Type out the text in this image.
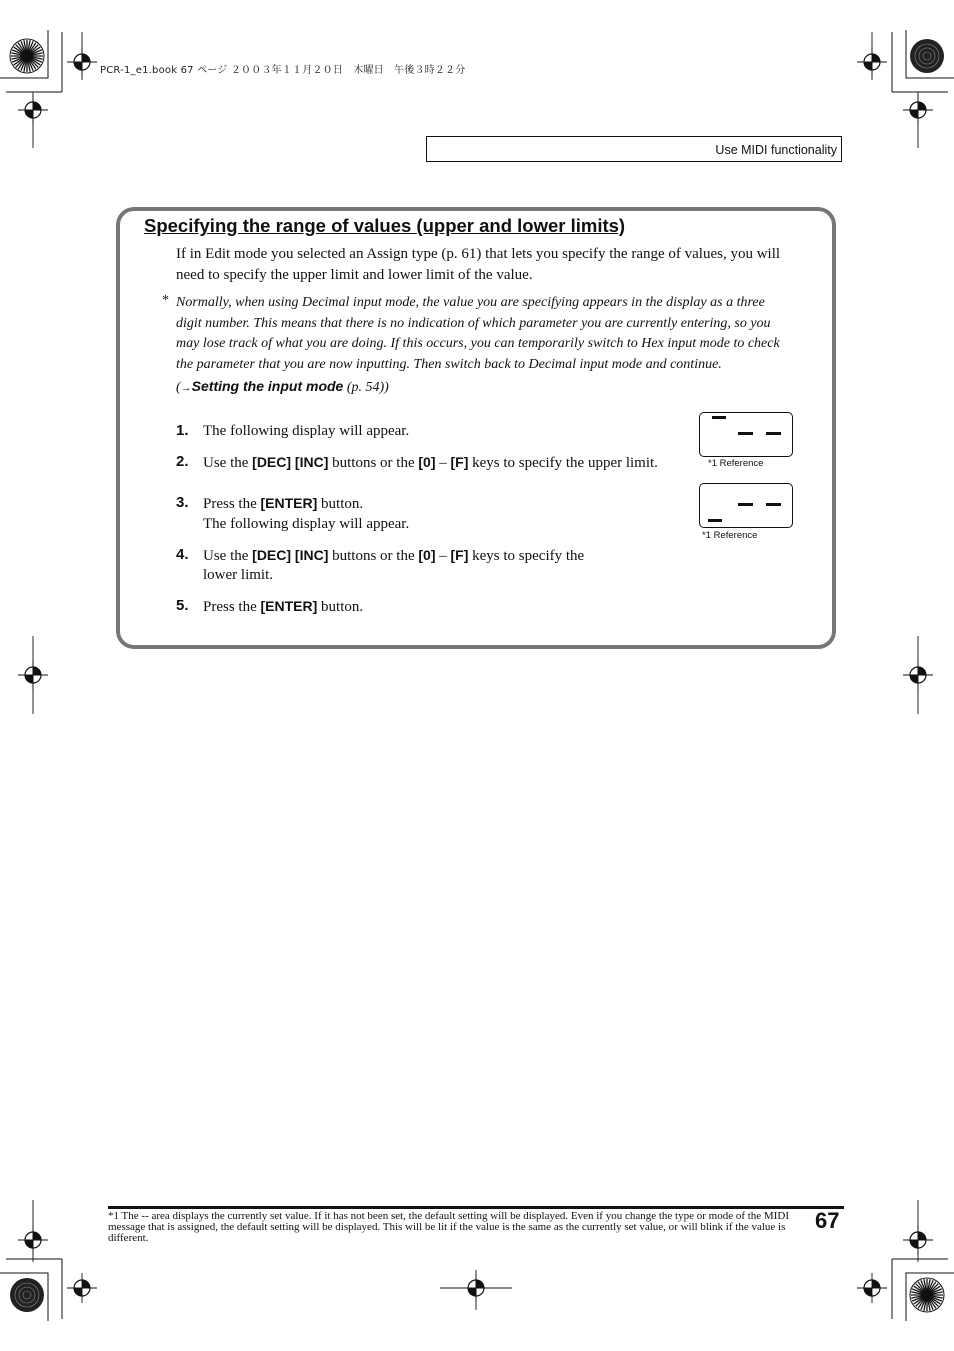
PCR-1_e1.book 67 ページ ２００３年１１月２０日　木曜日　午後３時２２分
Use MIDI functionality
Specifying the range of values (upper and lower limits)
If in Edit mode you selected an Assign type (p. 61) that lets you specify the range of values, you will need to specify the upper limit and lower limit of the value.
* Normally, when using Decimal input mode, the value you are specifying appears in the display as a three digit number. This means that there is no indication of which parameter you are currently entering, so you may lose track of what you are doing. If this occurs, you can temporarily switch to Hex input mode to check the parameter that you are now inputting. Then switch back to Decimal input mode and continue. (→Setting the input mode (p. 54))
1. The following display will appear.
2. Use the [DEC] [INC] buttons or the [0] – [F] keys to specify the upper limit.
3. Press the [ENTER] button.
The following display will appear.
4. Use the [DEC] [INC] buttons or the [0] – [F] keys to specify the
lower limit.
5. Press the [ENTER] button.
*1 Reference
*1 Reference
*1 The -- area displays the currently set value. If it has not been set, the default setting will be displayed. Even if you change the type or mode of the MIDI message that is assigned, the default setting will be displayed. This will be lit if the value is the same as the currently set value, or will blink if the value is different.
67
